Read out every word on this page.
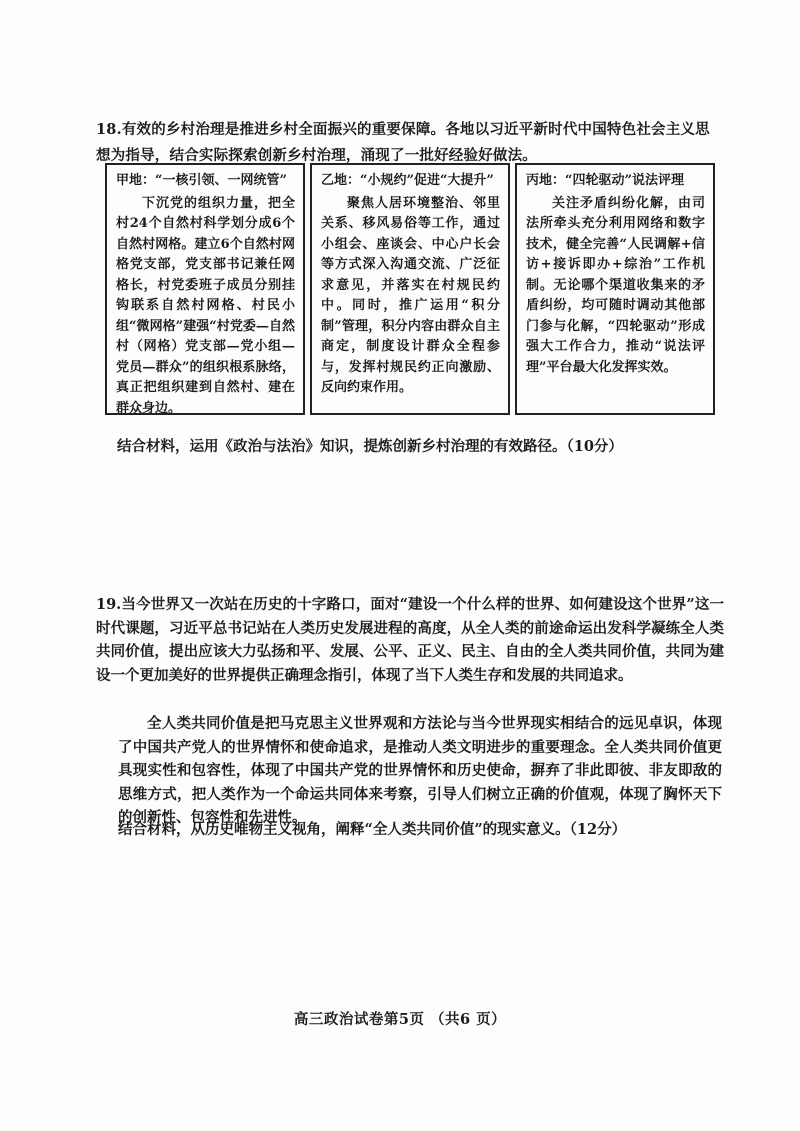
18.有效的乡村治理是推进乡村全面振兴的重要保障。各地以习近平新时代中国特色社会主义思想为指导，结合实际探索创新乡村治理，涌现了一批好经验好做法。
甲地：“一核引领、一网统管”
下沉党的组织力量，把全村24个自然村科学划分成6个自然村网格。建立6个自然村网格党支部，党支部书记兼任网格长，村党委班子成员分别挂钩联系自然村网格、村民小组“微网格”建强“村党委—自然村（网格）党支部—党小组—党员—群众”的组织根系脉络，真正把组织建到自然村、建在群众身边。
乙地：“小规约”促进“大提升”
聚焦人居环境整治、邻里关系、移风易俗等工作，通过小组会、座谈会、中心户长会等方式深入沟通交流、广泛征求意见，并落实在村规民约中。同时，推广运用“积分制”管理，积分内容由群众自主商定，制度设计群众全程参与，发挥村规民约正向激励、反向约束作用。
丙地：“四轮驱动”说法评理
关注矛盾纠纷化解，由司法所牵头充分利用网络和数字技术，健全完善“人民调解+信访+接诉即办+综治”工作机制。无论哪个渠道收集来的矛盾纠纷，均可随时调动其他部门参与化解，“四轮驱动”形成强大工作合力，推动“说法评理”平台最大化发挥实效。
结合材料，运用《政治与法治》知识，提炼创新乡村治理的有效路径。（10分）
19.当今世界又一次站在历史的十字路口，面对“建设一个什么样的世界、如何建设这个世界”这一时代课题，习近平总书记站在人类历史发展进程的高度，从全人类的前途命运出发科学凝练全人类共同价值，提出应该大力弘扬和平、发展、公平、正义、民主、自由的全人类共同价值，共同为建设一个更加美好的世界提供正确理念指引，体现了当下人类生存和发展的共同追求。
全人类共同价值是把马克思主义世界观和方法论与当今世界现实相结合的远见卓识，体现了中国共产党人的世界情怀和使命追求，是推动人类文明进步的重要理念。全人类共同价值更具现实性和包容性，体现了中国共产党的世界情怀和历史使命，摒弃了非此即彼、非友即敌的思维方式，把人类作为一个命运共同体来考察，引导人们树立正确的价值观，体现了胸怀天下的创新性、包容性和先进性。
结合材料，从历史唯物主义视角，阐释“全人类共同价值”的现实意义。（12分）
高三政治试卷第5页 （共6 页）
